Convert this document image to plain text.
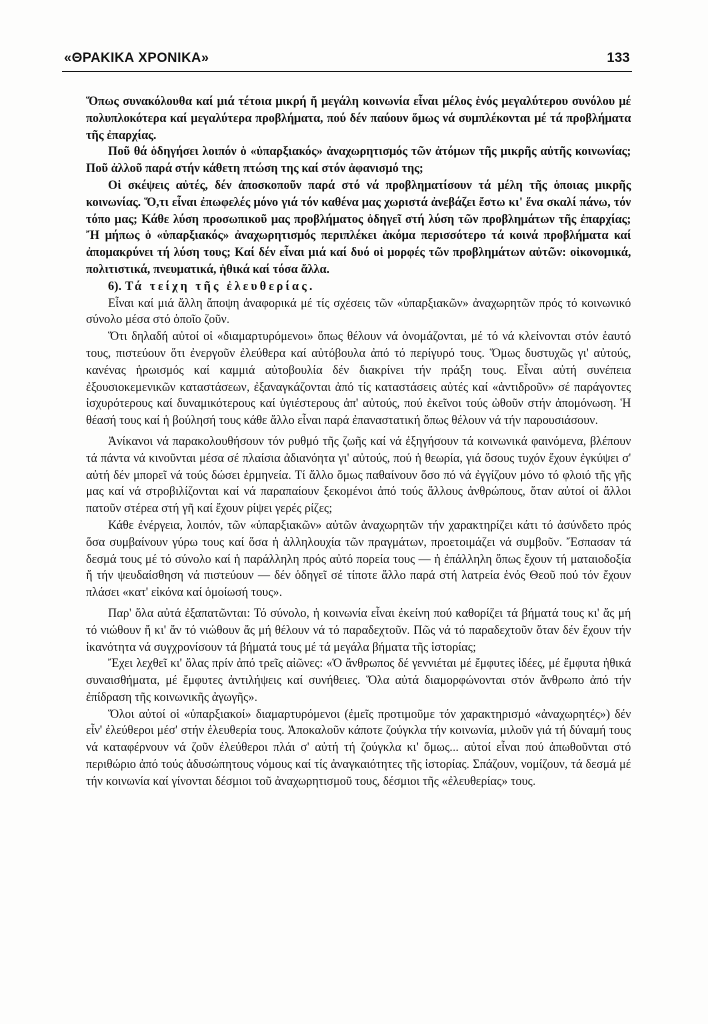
«ΘΡΑΚΙΚΑ ΧΡΟΝΙΚΑ»	133

Ὅπως συνακόλουθα καί μιά τέτοια μικρή ἤ μεγάλη κοινωνία εἶναι μέλος ἑνός μεγαλύτερου συνόλου μέ πολυπλοκότερα καί μεγαλύτερα προβλήματα, πού δέν παύουν ὅμως νά συμπλέκονται μέ τά προβλήματα τῆς ἐπαρχίας.

Ποῦ θά ὁδηγήσει λοιπόν ὁ «ὑπαρξιακός» ἀναχωρητισμός τῶν ἀτόμων τῆς μικρῆς αὐτῆς κοινωνίας; Ποῦ ἀλλοῦ παρά στήν κάθετη πτώση της καί στόν ἀφανισμό της;

Οἱ σκέψεις αὐτές, δέν ἀποσκοποῦν παρά στό νά προβληματίσουν τά μέλη τῆς ὁποιας μικρῆς κοινωνίας. Ὅ,τι εἶναι ἐπωφελές μόνο γιά τόν καθένα μας χωριστά ἀνεβάζει ἔστω κι' ἕνα σκαλί πάνω, τόν τόπο μας; Κάθε λύση προσωπικοῦ μας προβλήματος ὁδηγεῖ στή λύση τῶν προβλημάτων τῆς ἐπαρχίας; Ἤ μήπως ὁ «ὑπαρξιακός» ἀναχωρητισμός περιπλέκει ἀκόμα περισσότερο τά κοινά προβλήματα καί ἀπομακρύνει τή λύση τους; Καί δέν εἶναι μιά καί δυό οἱ μορφές τῶν προβλημάτων αὐτῶν: οἰκονομικά, πολιτιστικά, πνευματικά, ἠθικά καί τόσα ἄλλα.

6). Τά τείχη τῆς ἐλευθερίας.

Εἶναι καί μιά ἄλλη ἄποψη ἀναφορικά μέ τίς σχέσεις τῶν «ὑπαρξιακῶν» ἀναχωρητῶν πρός τό κοινωνικό σύνολο μέσα στό ὁποῖο ζοῦν.

Ὅτι δηλαδή αὐτοί οἱ «διαμαρτυρόμενοι» ὅπως θέλουν νά ὀνομάζονται, μέ τό νά κλείνονται στόν ἑαυτό τους, πιστεύουν ὅτι ἐνεργοῦν ἐλεύθερα καί αὐτόβουλα ἀπό τό περίγυρό τους. Ὅμως δυστυχῶς γι' αὐτούς, κανένας ἡρωισμός καί καμμιά αὐτοβουλία δέν διακρίνει τήν πράξη τους. Εἶναι αὐτή συνέπεια ἐξουσιοκεμενικῶν καταστάσεων, ἐξαναγκάζονται ἀπό τίς καταστάσεις αὐτές καί «ἀντιδροῦν» σέ παράγοντες ἰσχυρότερους καί δυναμικότερους καί ὑγιέστερους ἀπ' αὐτούς, πού ἐκεῖνοι τούς ὠθοῦν στήν ἀπομόνωση. Ἡ θέασή τους καί ἡ βούλησή τους κάθε ἄλλο εἶναι παρά ἐπαναστατική ὅπως θέλουν νά τήν παρουσιάσουν.

Ἀνίκανοι νά παρακολουθήσουν τόν ρυθμό τῆς ζωῆς καί νά ἐξηγήσουν τά κοινωνικά φαινόμενα, βλέπουν τά πάντα νά κινοῦνται μέσα σέ πλαίσια ἀδιανόητα γι' αὐτούς, πού ἡ θεωρία, γιά ὅσους τυχόν ἔχουν ἐγκύψει σ' αὐτή δέν μπορεῖ νά τούς δώσει ἑρμηνεία. Τί ἄλλο ὅμως παθαίνουν ὅσο πό νά ἐγγίζουν μόνο τό φλοιό τῆς γῆς μας καί νά στροβιλίζονται καί νά παραπαίουν ξεκομένοι ἀπό τούς ἄλλους ἀνθρώπους, ὅταν αὐτοί οἱ ἄλλοι πατοῦν στέρεα στή γῆ καί ἔχουν ρίψει γερές ρίζες;

Κάθε ἐνέργεια, λοιπόν, τῶν «ὑπαρξιακῶν» αὐτῶν ἀναχωρητῶν τήν χαρακτηρίζει κάτι τό ἀσύνδετο πρός ὅσα συμβαίνουν γύρω τους καί ὅσα ἡ ἀλληλουχία τῶν πραγμάτων, προετοιμάζει νά συμβοῦν. Ἔσπασαν τά δεσμά τους μέ τό σύνολο καί ἡ παράλληλη πρός αὐτό πορεία τους — ἡ ἐπάλληλη ὅπως ἔχουν τή ματαιοδοξία ἤ τήν ψευδαίσθηση νά πιστεύουν — δέν ὁδηγεῖ σέ τίποτε ἄλλο παρά στή λατρεία ἑνός Θεοῦ πού τόν ἔχουν πλάσει «κατ' εἰκόνα καί ὁμοίωσή τους».

Παρ' ὅλα αὐτά ἐξαπατῶνται: Τό σύνολο, ἡ κοινωνία εἶναι ἐκείνη πού καθορίζει τά βήματά τους κι' ἄς μή τό νιώθουν ἤ κι' ἄν τό νιώθουν ἄς μή θέλουν νά τό παραδεχτοῦν. Πῶς νά τό παραδεχτοῦν ὅταν δέν ἔχουν τήν ἱκανότητα νά συγχρονίσουν τά βήματά τους μέ τά μεγάλα βήματα τῆς ἱστορίας;

Ἔχει λεχθεῖ κι' ὅλας πρίν ἀπό τρεῖς αἰῶνες: «Ὁ ἄνθρωπος δέ γεννιέται μέ ἔμφυτες ἰδέες, μέ ἔμφυτα ἠθικά συναισθήματα, μέ ἔμφυτες ἀντιλήψεις καί συνήθειες. Ὅλα αὐτά διαμορφώνονται στόν ἄνθρωπο ἀπό τήν ἐπίδραση τῆς κοινωνικῆς ἀγωγῆς».

Ὅλοι αὐτοί οἱ «ὑπαρξιακοί» διαμαρτυρόμενοι (ἐμεῖς προτιμοῦμε τόν χαρακτηρισμό «ἀναχωρητές») δέν εἶν' ἐλεύθεροι μέσ' στήν ἐλευθερία τους. Ἀποκαλοῦν κάποτε ζούγκλα τήν κοινωνία, μιλοῦν γιά τή δύναμή τους νά καταφέρνουν νά ζοῦν ἐλεύθεροι πλάι σ' αὐτή τή ζούγκλα κι' ὅμως... αὐτοί εἶναι πού ἀπωθοῦνται στό περιθώριο ἀπό τούς ἀδυσώπητους νόμους καί τίς ἀναγκαιότητες τῆς ἱστορίας. Σπάζουν, νομίζουν, τά δεσμά μέ τήν κοινωνία καί γίνονται δέσμιοι τοῦ ἀναχωρητισμοῦ τους, δέσμιοι τῆς «ἐλευθερίας» τους.
